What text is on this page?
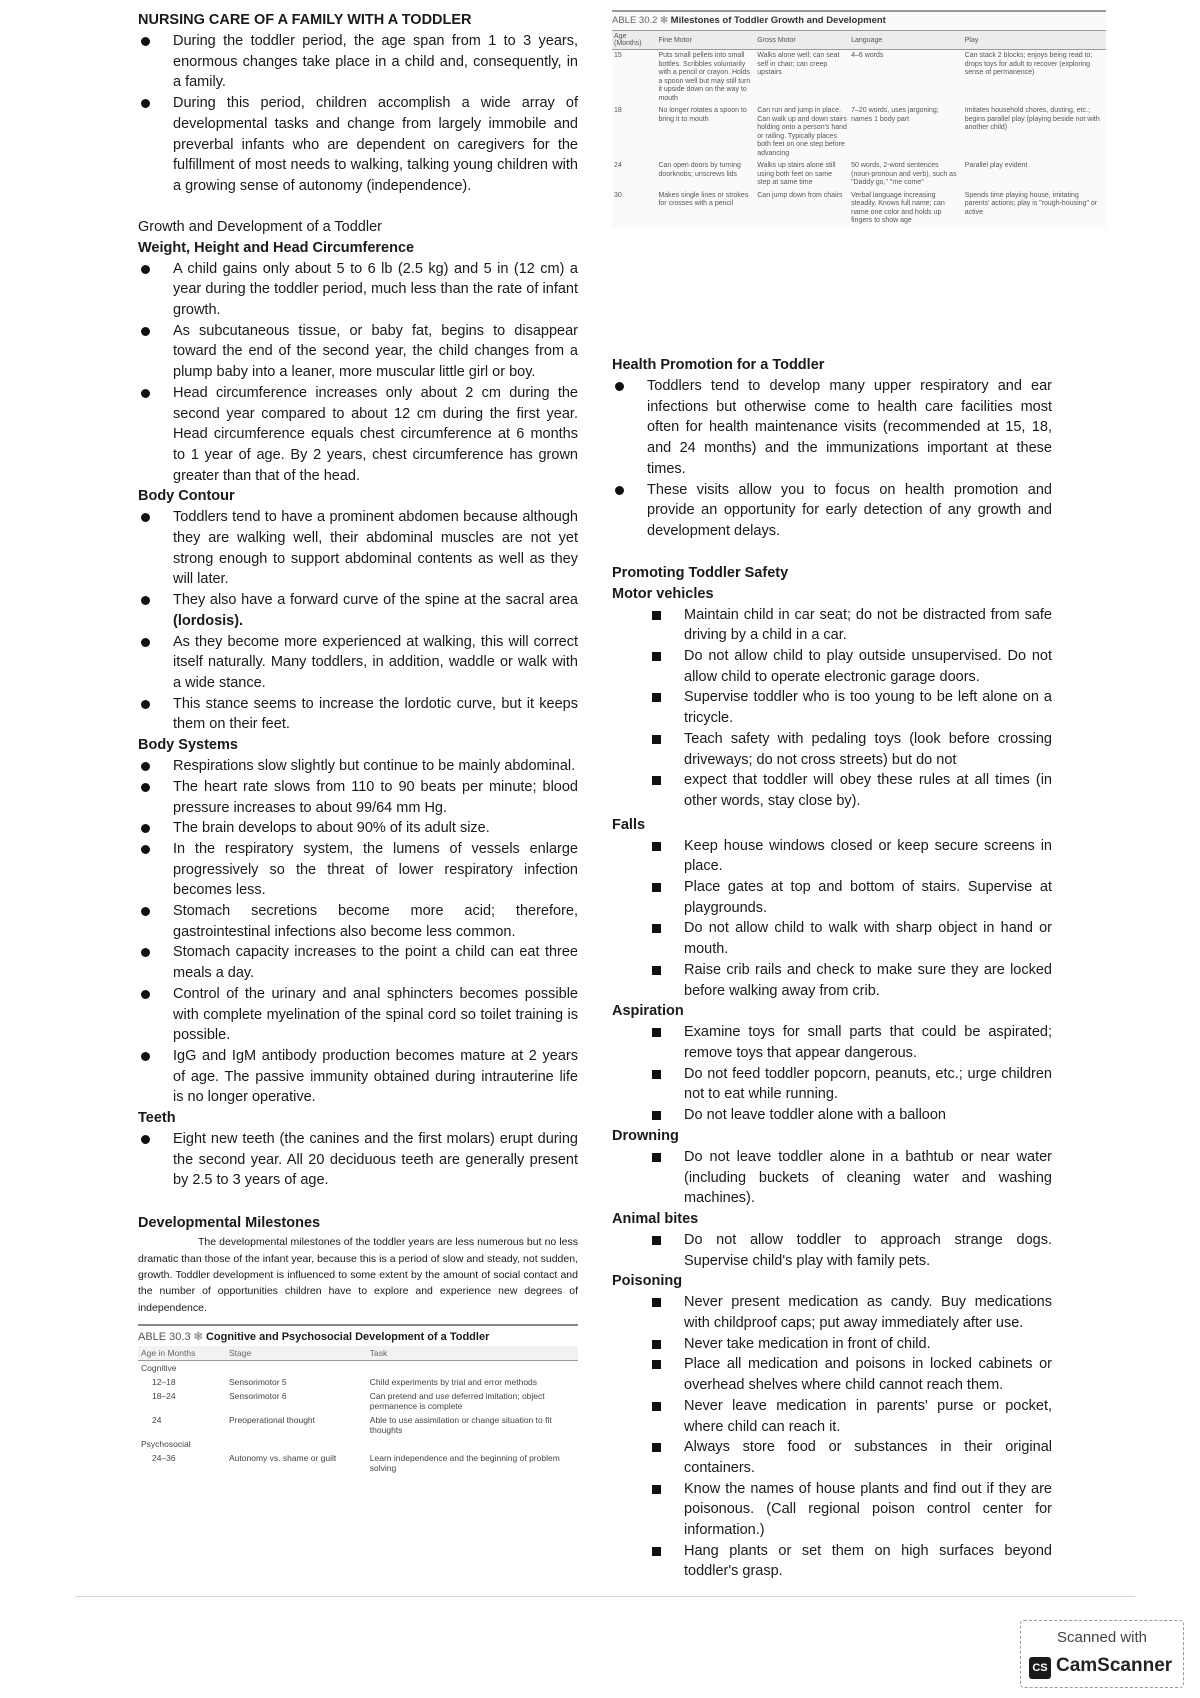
NURSING CARE OF A FAMILY WITH A TODDLER

During the toddler period, the age span from 1 to 3 years, enormous changes take place in a child and, consequently, in a family.
During this period, children accomplish a wide array of developmental tasks and change from largely immobile and preverbal infants who are dependent on caregivers for the fulfillment of most needs to walking, talking young children with a growing sense of autonomy (independence).

Growth and Development of a Toddler

Weight, Height and Head Circumference

A child gains only about 5 to 6 lb (2.5 kg) and 5 in (12 cm) a year during the toddler period, much less than the rate of infant growth.
As subcutaneous tissue, or baby fat, begins to disappear toward the end of the second year, the child changes from a plump baby into a leaner, more muscular little girl or boy.
Head circumference increases only about 2 cm during the second year compared to about 12 cm during the first year. Head circumference equals chest circumference at 6 months to 1 year of age. By 2 years, chest circumference has grown greater than that of the head.

Body Contour

Toddlers tend to have a prominent abdomen because although they are walking well, their abdominal muscles are not yet strong enough to support abdominal contents as well as they will later.
They also have a forward curve of the spine at the sacral area (lordosis).
As they become more experienced at walking, this will correct itself naturally. Many toddlers, in addition, waddle or walk with a wide stance.
This stance seems to increase the lordotic curve, but it keeps them on their feet.

Body Systems

Respirations slow slightly but continue to be mainly abdominal.
The heart rate slows from 110 to 90 beats per minute; blood pressure increases to about 99/64 mm Hg.
The brain develops to about 90% of its adult size.
In the respiratory system, the lumens of vessels enlarge progressively so the threat of lower respiratory infection becomes less.
Stomach secretions become more acid; therefore, gastrointestinal infections also become less common.
Stomach capacity increases to the point a child can eat three meals a day.
Control of the urinary and anal sphincters becomes possible with complete myelination of the spinal cord so toilet training is possible.
IgG and IgM antibody production becomes mature at 2 years of age. The passive immunity obtained during intrauterine life is no longer operative.

Teeth

Eight new teeth (the canines and the first molars) erupt during the second year. All 20 deciduous teeth are generally present by 2.5 to 3 years of age.

Developmental Milestones

The developmental milestones of the toddler years are less numerous but no less dramatic than those of the infant year, because this is a period of slow and steady, not sudden, growth. Toddler development is influenced to some extent by the amount of social contact and the number of opportunities children have to explore and experience new degrees of independence.

ABLE 30.3 ✻ Cognitive and Psychosocial Development of a Toddler
Age in Months	Stage	Task
Cognitive		
12–18	Sensorimotor 5	Child experiments by trial and error methods
18–24	Sensorimotor 6	Can pretend and use deferred imitation; object permanence is complete
24	Preoperational thought	Able to use assimilation or change situation to fit thoughts
Psychosocial		
24–36	Autonomy vs. shame or guilt	Learn independence and the beginning of problem solving
ABLE 30.2 ✻ Milestones of Toddler Growth and Development
Age (Months)	Fine Motor	Gross Motor	Language	Play
15	Puts small pellets into small bottles. Scribbles voluntarily with a pencil or crayon. Holds a spoon well but may still turn it upside down on the way to mouth	Walks alone well; can seat self in chair; can creep upstairs	4–6 words	Can stack 2 blocks; enjoys being read to; drops toys for adult to recover (exploring sense of permanence)
18	No longer rotates a spoon to bring it to mouth	Can run and jump in place. Can walk up and down stairs holding onto a person's hand or railing. Typically places both feet on one step before advancing	7–20 words, uses jargoning; names 1 body part	Imitates household chores, dusting, etc.; begins parallel play (playing beside not with another child)
24	Can open doors by turning doorknobs; unscrews lids	Walks up stairs alone still using both feet on same step at same time	50 words, 2-word sentences (noun-pronoun and verb), such as "Daddy go," "me come"	Parallel play evident
30	Makes single lines or strokes for crosses with a pencil	Can jump down from chairs	Verbal language increasing steadily. Knows full name; can name one color and holds up fingers to show age	Spends time playing house, imitating parents' actions; play is "rough-housing" or active

Health Promotion for a Toddler

Toddlers tend to develop many upper respiratory and ear infections but otherwise come to health care facilities most often for health maintenance visits (recommended at 15, 18, and 24 months) and the immunizations important at these times.
These visits allow you to focus on health promotion and provide an opportunity for early detection of any growth and development delays.

Promoting Toddler Safety

Motor vehicles

Maintain child in car seat; do not be distracted from safe driving by a child in a car.
Do not allow child to play outside unsupervised. Do not allow child to operate electronic garage doors.
Supervise toddler who is too young to be left alone on a tricycle.
Teach safety with pedaling toys (look before crossing driveways; do not cross streets) but do not
expect that toddler will obey these rules at all times (in other words, stay close by).

Falls

Keep house windows closed or keep secure screens in place.
Place gates at top and bottom of stairs. Supervise at playgrounds.
Do not allow child to walk with sharp object in hand or mouth.
Raise crib rails and check to make sure they are locked before walking away from crib.

Aspiration

Examine toys for small parts that could be aspirated; remove toys that appear dangerous.
Do not feed toddler popcorn, peanuts, etc.; urge children not to eat while running.
Do not leave toddler alone with a balloon

Drowning

Do not leave toddler alone in a bathtub or near water (including buckets of cleaning water and washing machines).

Animal bites

Do not allow toddler to approach strange dogs. Supervise child's play with family pets.

Poisoning

Never present medication as candy. Buy medications with childproof caps; put away immediately after use.
Never take medication in front of child.
Place all medication and poisons in locked cabinets or overhead shelves where child cannot reach them.
Never leave medication in parents' purse or pocket, where child can reach it.
Always store food or substances in their original containers.
Know the names of house plants and find out if they are poisonous. (Call regional poison control center for information.)
Hang plants or set them on high surfaces beyond toddler's grasp.
Scanned with
CS CamScanner
